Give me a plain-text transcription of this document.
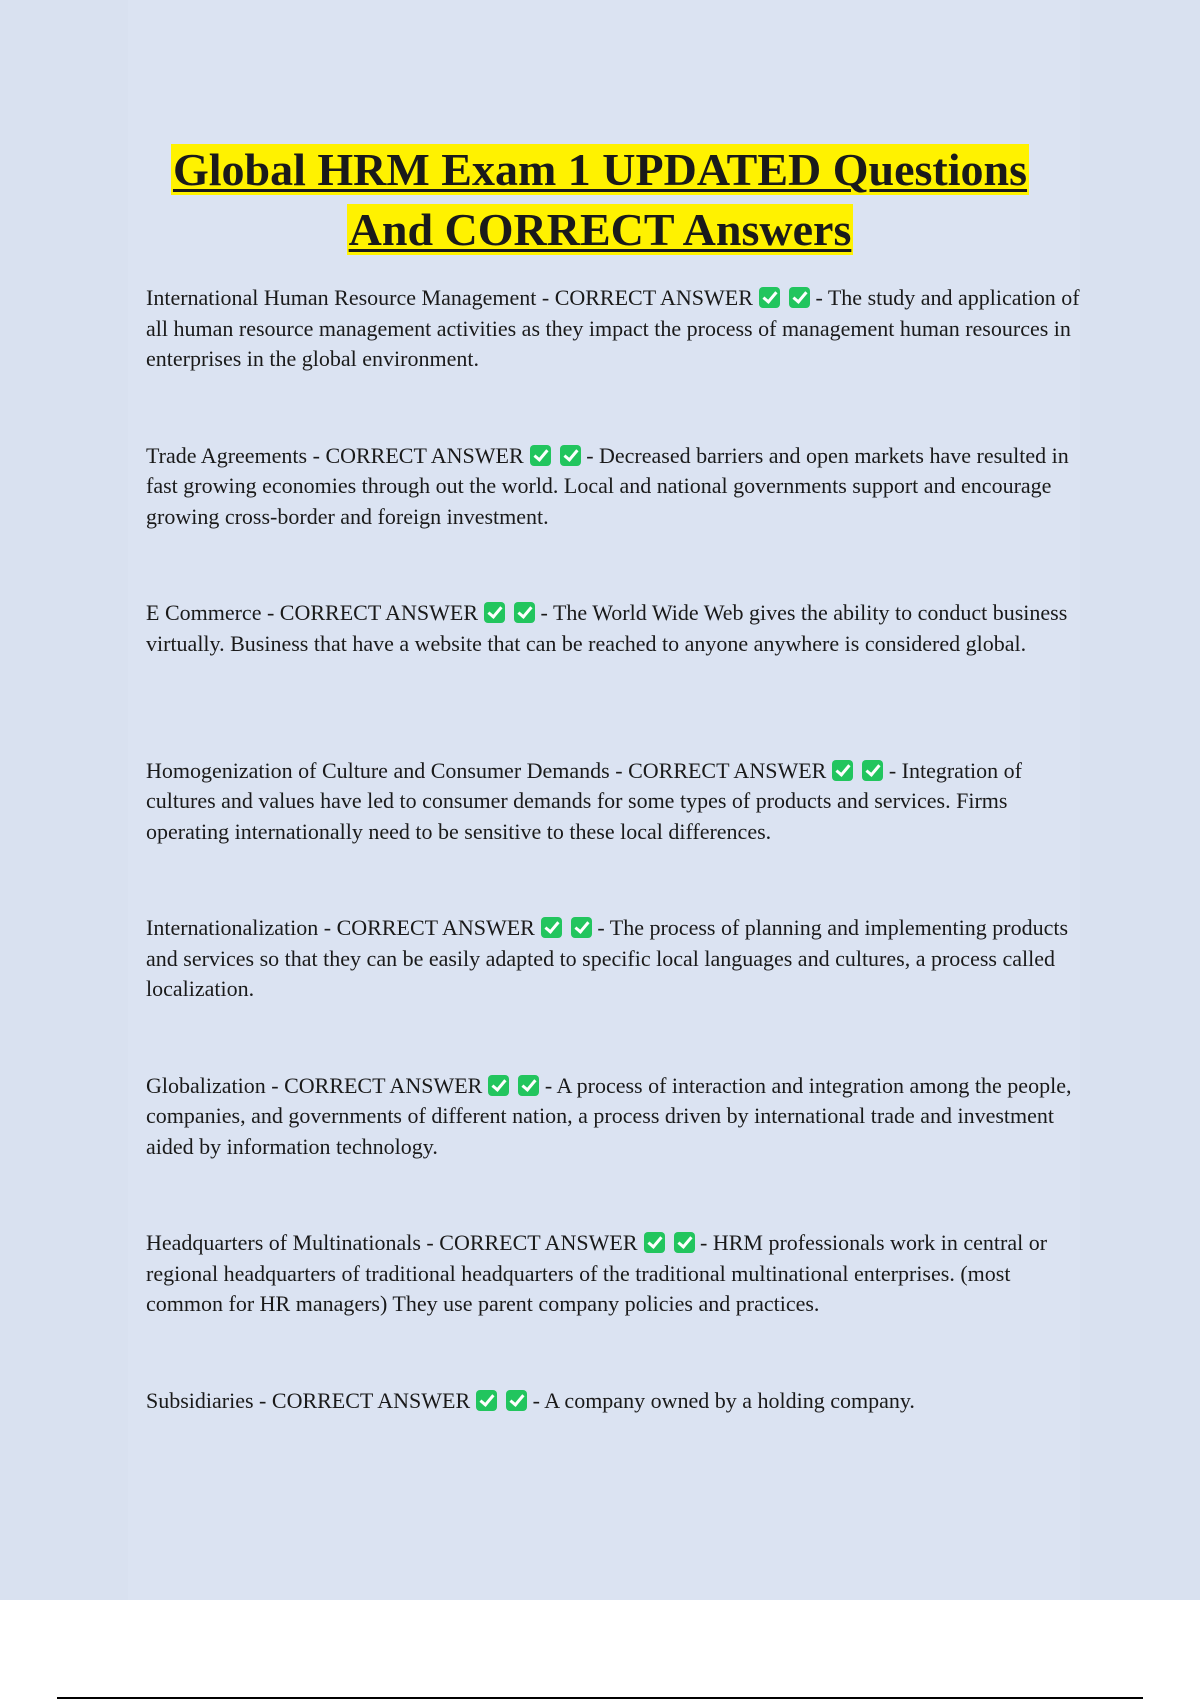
Global HRM Exam 1 UPDATED Questions
And CORRECT Answers

International Human Resource Management - CORRECT ANSWER	- The study and application of all human resource management activities as they impact the process of management human resources in enterprises in the global environment.

Trade Agreements - CORRECT ANSWER	- Decreased barriers and open markets have resulted in fast growing economies through out the world. Local and national governments support and encourage growing cross-border and foreign investment.

E Commerce - CORRECT ANSWER	- The World Wide Web gives the ability to conduct business virtually. Business that have a website that can be reached to anyone anywhere is considered global.

Homogenization of Culture and Consumer Demands - CORRECT ANSWER	- Integration of cultures and values have led to consumer demands for some types of products and services. Firms operating internationally need to be sensitive to these local differences.

Internationalization - CORRECT ANSWER	- The process of planning and implementing products and services so that they can be easily adapted to specific local languages and cultures, a process called localization.

Globalization - CORRECT ANSWER	- A process of interaction and integration among the people, companies, and governments of different nation, a process driven by international trade and investment aided by information technology.

Headquarters of Multinationals - CORRECT ANSWER	- HRM professionals work in central or regional headquarters of traditional headquarters of the traditional multinational enterprises. (most common for HR managers) They use parent company policies and practices.

Subsidiaries - CORRECT ANSWER	- A company owned by a holding company.
